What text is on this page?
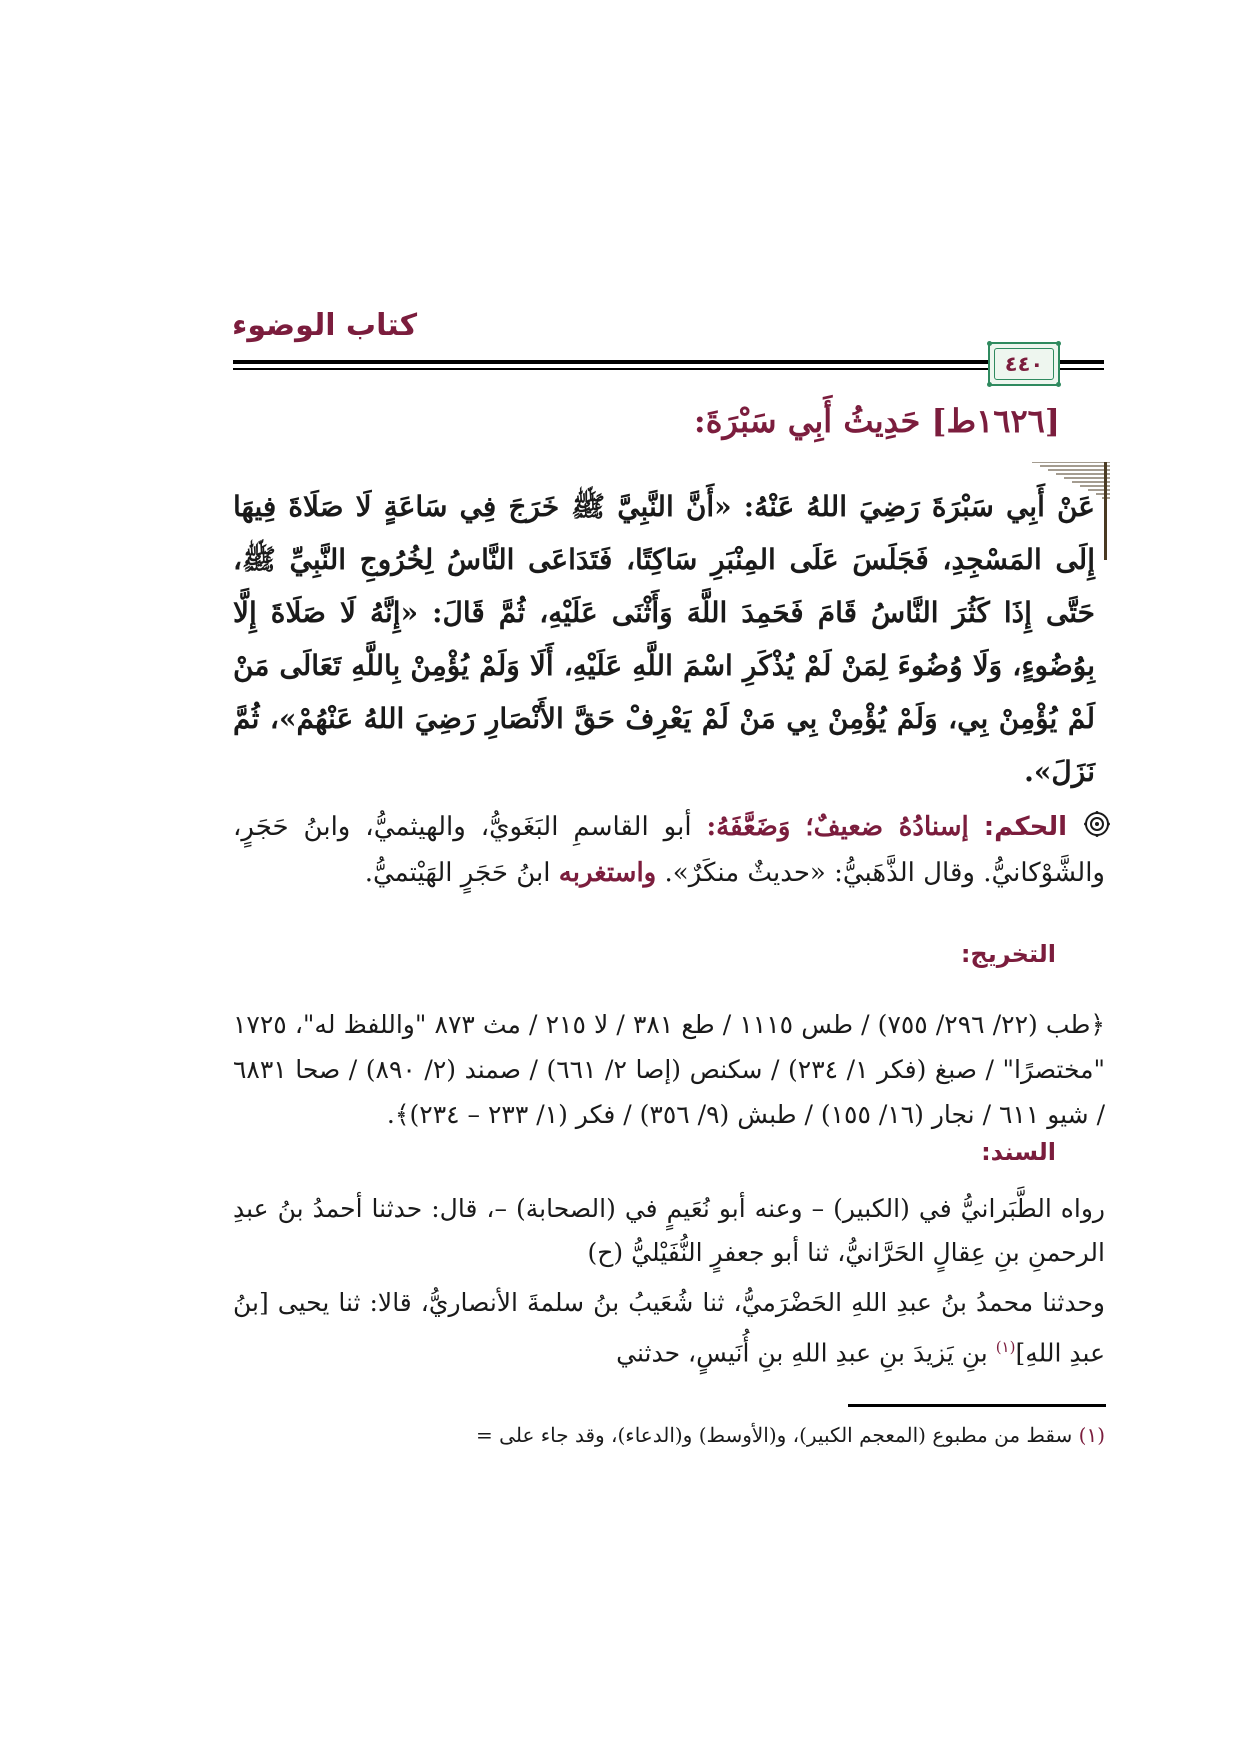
كتاب الوضوء
٤٤٠
[١٦٢٦ط] حَدِيثُ أَبِي سَبْرَةَ:
عَنْ أَبِي سَبْرَةَ رَضِيَ اللهُ عَنْهُ: «أَنَّ النَّبِيَّ ﷺ خَرَجَ فِي سَاعَةٍ لَا صَلَاةَ فِيهَا إِلَى المَسْجِدِ، فَجَلَسَ عَلَى المِنْبَرِ سَاكِتًا، فَتَدَاعَى النَّاسُ لِخُرُوجِ النَّبِيِّ ﷺ، حَتَّى إِذَا كَثُرَ النَّاسُ قَامَ فَحَمِدَ اللَّهَ وَأَثْنَى عَلَيْهِ، ثُمَّ قَالَ: «إِنَّهُ لَا صَلَاةَ إِلَّا بِوُضُوءٍ، وَلَا وُضُوءَ لِمَنْ لَمْ يُذْكَرِ اسْمَ اللَّهِ عَلَيْهِ، أَلَا وَلَمْ يُؤْمِنْ بِاللَّهِ تَعَالَى مَنْ لَمْ يُؤْمِنْ بِي، وَلَمْ يُؤْمِنْ بِي مَنْ لَمْ يَعْرِفْ حَقَّ الأَنْصَارِ رَضِيَ اللهُ عَنْهُمْ»، ثُمَّ نَزَلَ».
الحكم: إسنادُهُ ضعيفٌ؛ وَضَعَّفَهُ: أبو القاسمِ البَغَويُّ، والهيثميُّ، وابنُ حَجَرٍ، والشَّوْكانيُّ. وقال الذَّهَبيُّ: «حديثٌ منكَرٌ». واستغربه ابنُ حَجَرٍ الهَيْتميُّ.
التخريج:
﴿طب (٢٢/ ٢٩٦/ ٧٥٥) / طس ١١١٥ / طع ٣٨١ / لا ٢١٥ / مث ٨٧٣ "واللفظ له"، ١٧٢٥ "مختصرًا" / صبغ (فكر ١/ ٢٣٤) / سكنص (إصا ٢/ ٦٦١) / صمند (٢/ ٨٩٠) / صحا ٦٨٣١ / شيو ٦١١ / نجار (١٦/ ١٥٥) / طبش (٩/ ٣٥٦) / فكر (١/ ٢٣٣ – ٢٣٤)﴾.
السند:
رواه الطَّبَرانيُّ في (الكبير) – وعنه أبو نُعَيمٍ في (الصحابة) –، قال: حدثنا أحمدُ بنُ عبدِ الرحمنِ بنِ عِقالٍ الحَرَّانيُّ، ثنا أبو جعفرٍ النُّفَيْليُّ (ح)
وحدثنا محمدُ بنُ عبدِ اللهِ الحَضْرَميُّ، ثنا شُعَيبُ بنُ سلمةَ الأنصاريُّ، قالا: ثنا يحيى [بنُ عبدِ اللهِ]$^{(١)}$ بنِ يَزيدَ بنِ عبدِ اللهِ بنِ أُنَيسٍ، حدثني
(١) سقط من مطبوع (المعجم الكبير)، و(الأوسط) و(الدعاء)، وقد جاء على =
